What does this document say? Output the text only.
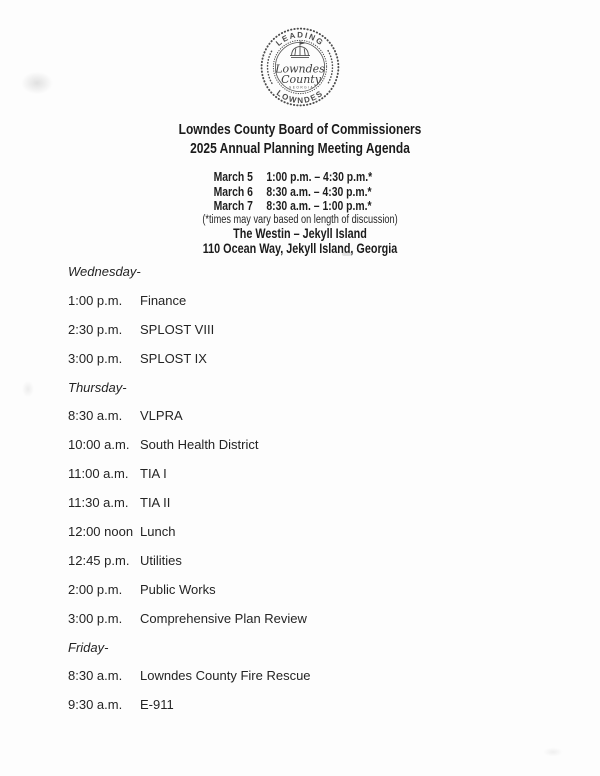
LEADING
LOWNDES
Lowndes
County
GEORGIA
Lowndes County Board of Commissioners
2025 Annual Planning Meeting Agenda
March 5	1:00 p.m. – 4:30 p.m.*
March 6	8:30 a.m. – 4:30 p.m.*
March 7	8:30 a.m. – 1:00 p.m.*
(*times may vary based on length of discussion)
The Westin – Jekyll Island
110 Ocean Way, Jekyll Island, Georgia
Wednesday-
1:00 p.m.	Finance
2:30 p.m.	SPLOST VIII
3:00 p.m.	SPLOST IX
Thursday-
8:30 a.m.	VLPRA
10:00 a.m. South Health District
11:00 a.m. TIA I
11:30 a.m. TIA II
12:00 noon Lunch
12:45 p.m. Utilities
2:00 p.m.	Public Works
3:00 p.m.	Comprehensive Plan Review
Friday-
8:30 a.m.	Lowndes County Fire Rescue
9:30 a.m.	E-911
